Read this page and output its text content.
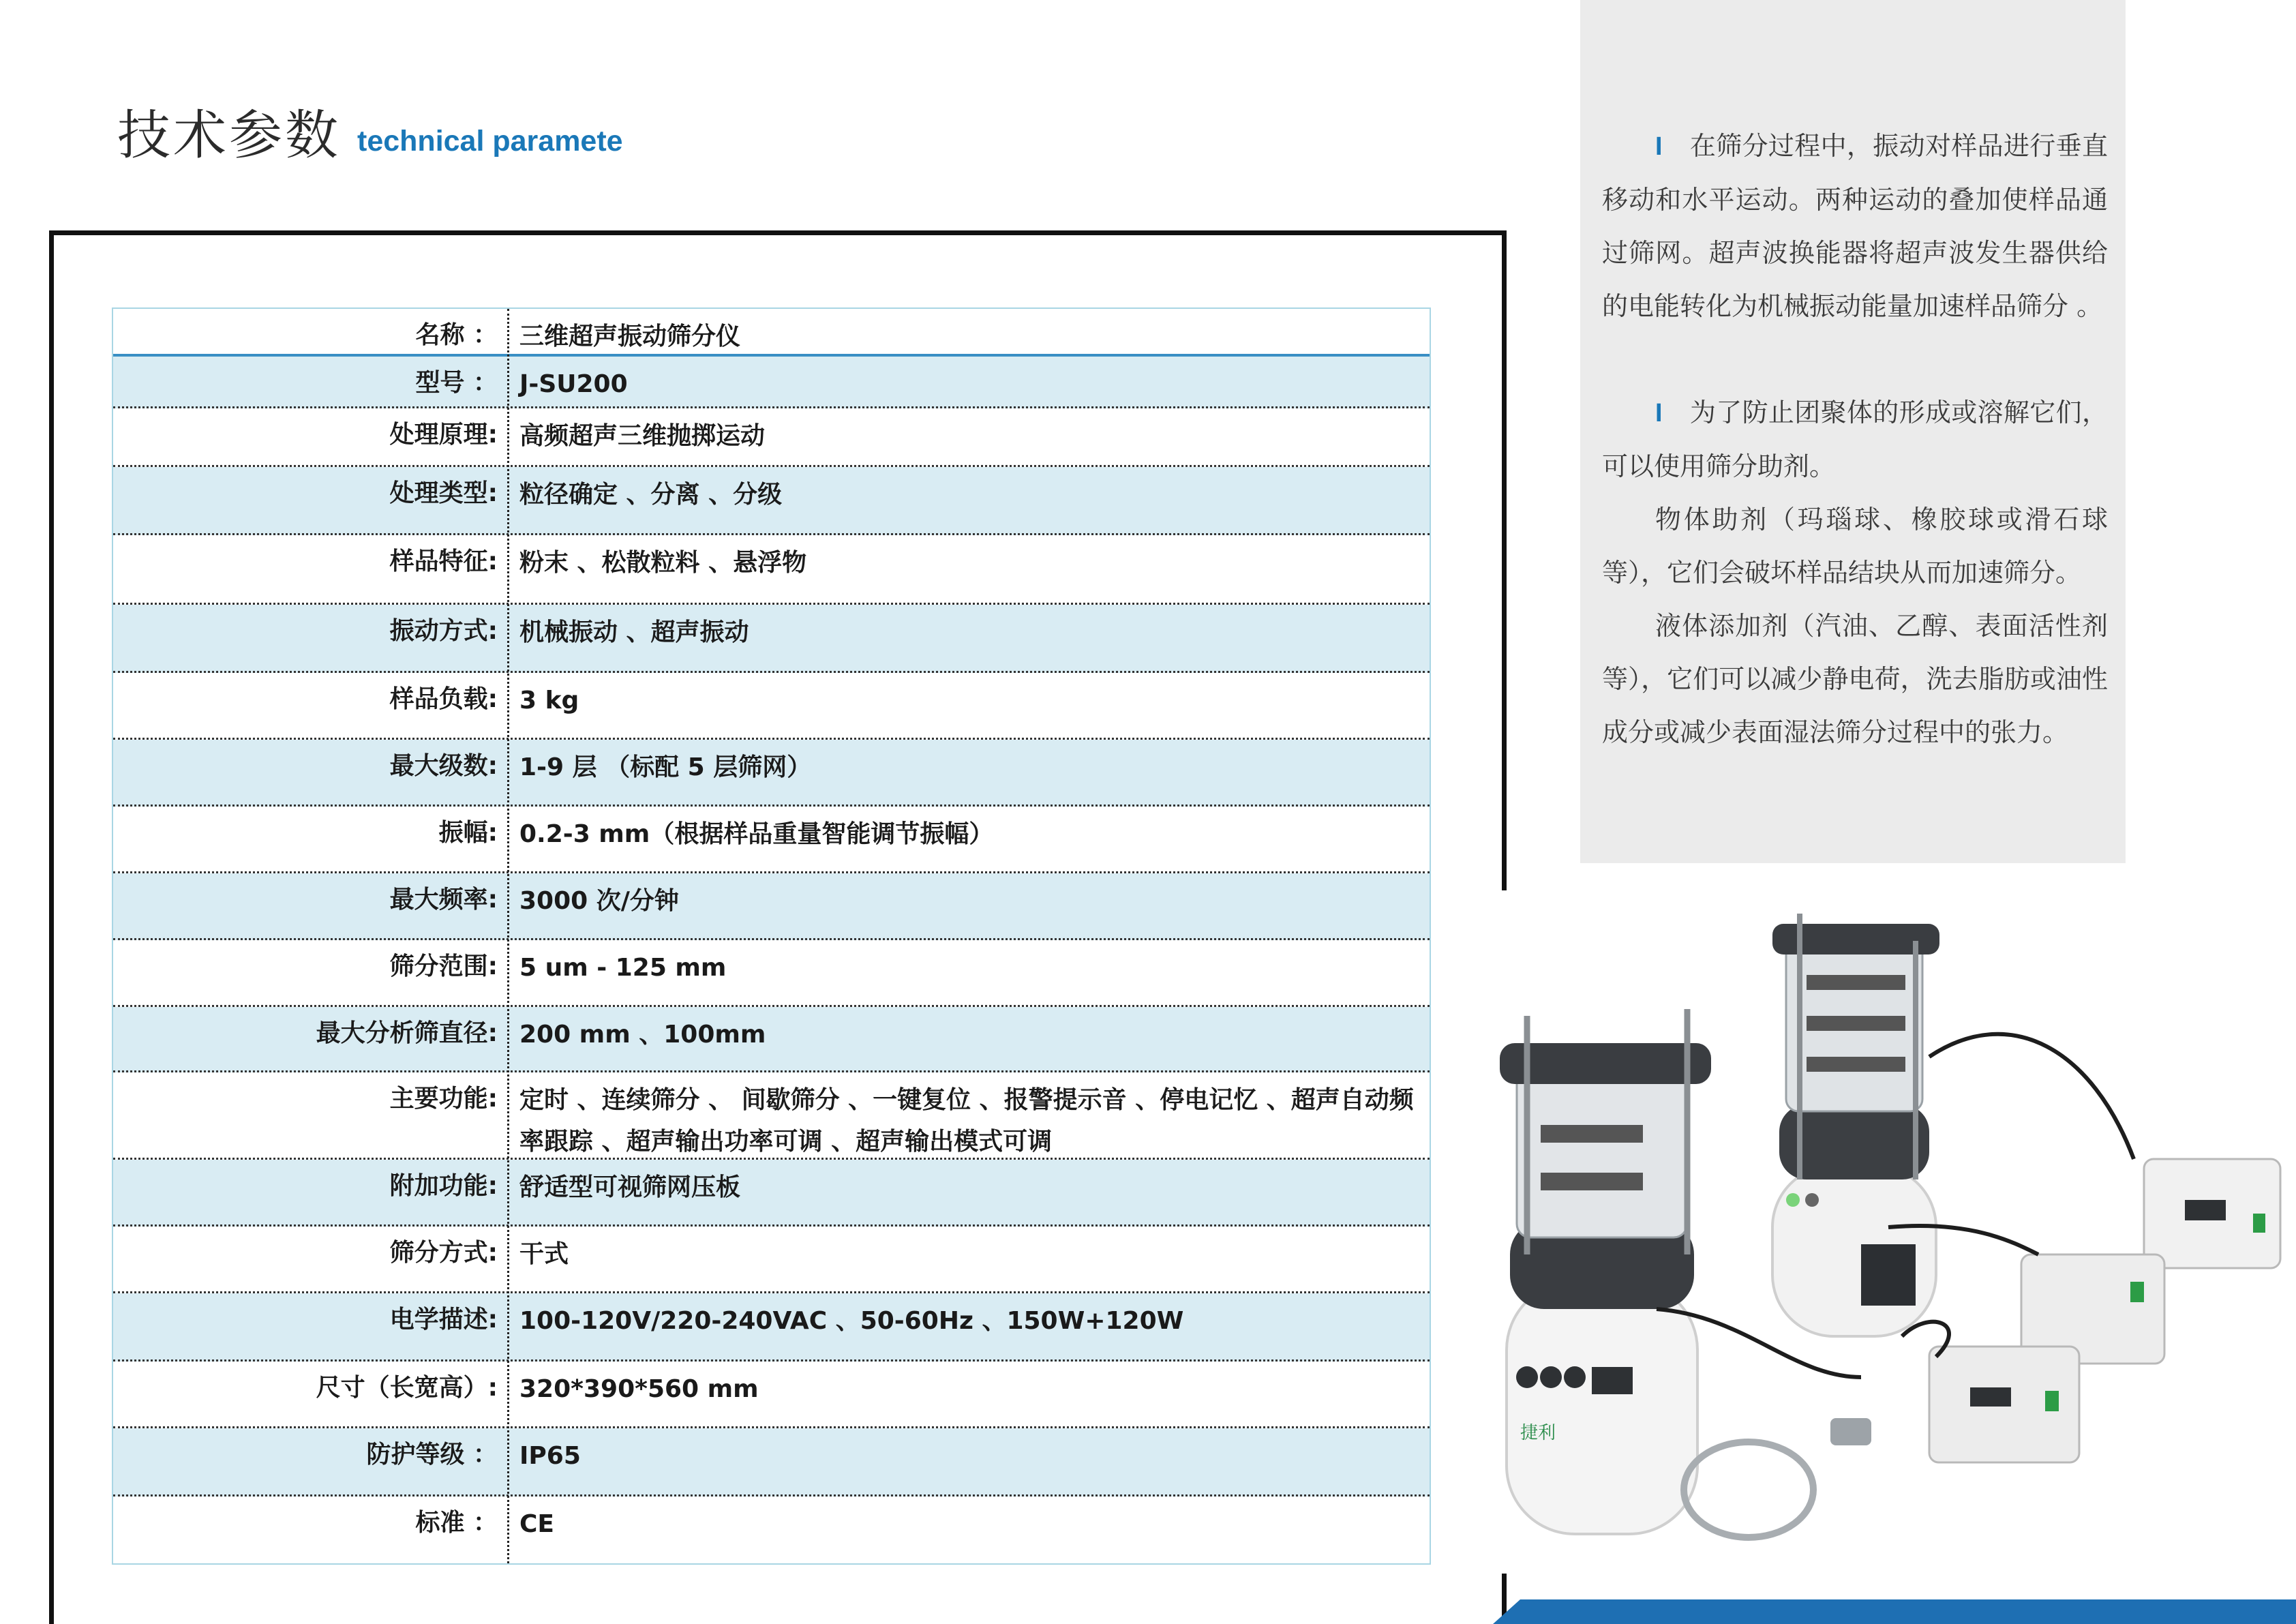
技术参数 technical paramete
名称 ： 三维超声振动筛分仪
型号 ： J-SU200
处理原理: 高频超声三维抛掷运动
处理类型: 粒径确定 、分离 、分级
样品特征: 粉末 、松散粒料 、悬浮物
振动方式: 机械振动 、超声振动
样品负载: 3 kg
最大级数: 1-9 层 （标配 5 层筛网）
振幅: 0.2-3 mm（根据样品重量智能调节振幅）
最大频率: 3000 次/分钟
筛分范围: 5 um - 125 mm
最大分析筛直径: 200 mm 、100mm
主要功能: 定时 、连续筛分 、 间歇筛分 、一键复位 、报警提示音 、停电记忆 、超声自动频率跟踪 、超声输出功率可调 、超声输出模式可调
附加功能: 舒适型可视筛网压板
筛分方式: 干式
电学描述: 100-120V/220-240VAC 、50-60Hz 、150W+120W
尺寸（长宽高）: 320*390*560 mm
防护等级 ： IP65
标准 ： CE

I 在筛分过程中，振动对样品进行垂直移动和水平运动。两种运动的叠加使样品通过筛网。超声波换能器将超声波发生器供给的电能转化为机械振动能量加速样品筛分 。

I 为了防止团聚体的形成或溶解它们，可以使用筛分助剂。

物体助剂（玛瑙球、橡胶球或滑石球等），它们会破坏样品结块从而加速筛分。

液体添加剂（汽油、乙醇、表面活性剂等），它们可以减少静电荷，洗去脂肪或油性成分或减少表面湿法筛分过程中的张力。

捷利
